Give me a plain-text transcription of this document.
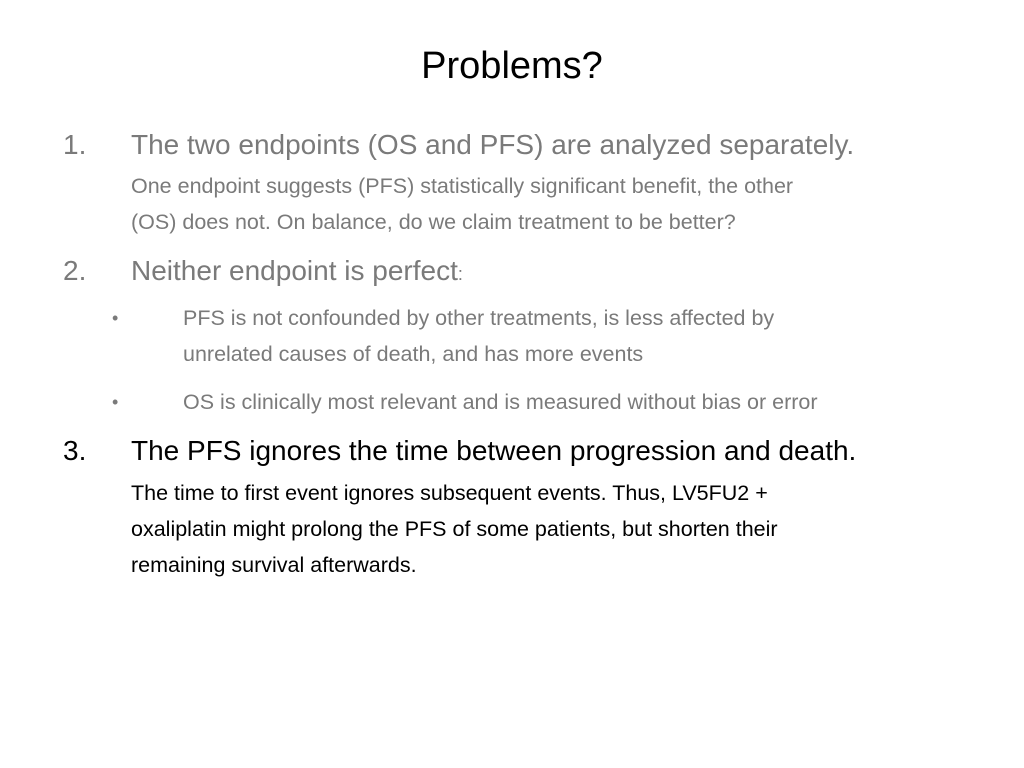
Problems?
1. The two endpoints (OS and PFS) are analyzed separately.
One endpoint suggests (PFS) statistically significant benefit, the other
(OS) does not. On balance, do we claim treatment to be better?
2. Neither endpoint is perfect:
•	PFS is not confounded by other treatments, is less affected by
unrelated causes of death, and has more events
•	OS is clinically most relevant and is measured without bias or error
3. The PFS ignores the time between progression and death.
The time to first event ignores subsequent events. Thus, LV5FU2 +
oxaliplatin might prolong the PFS of some patients, but shorten their
remaining survival afterwards.
